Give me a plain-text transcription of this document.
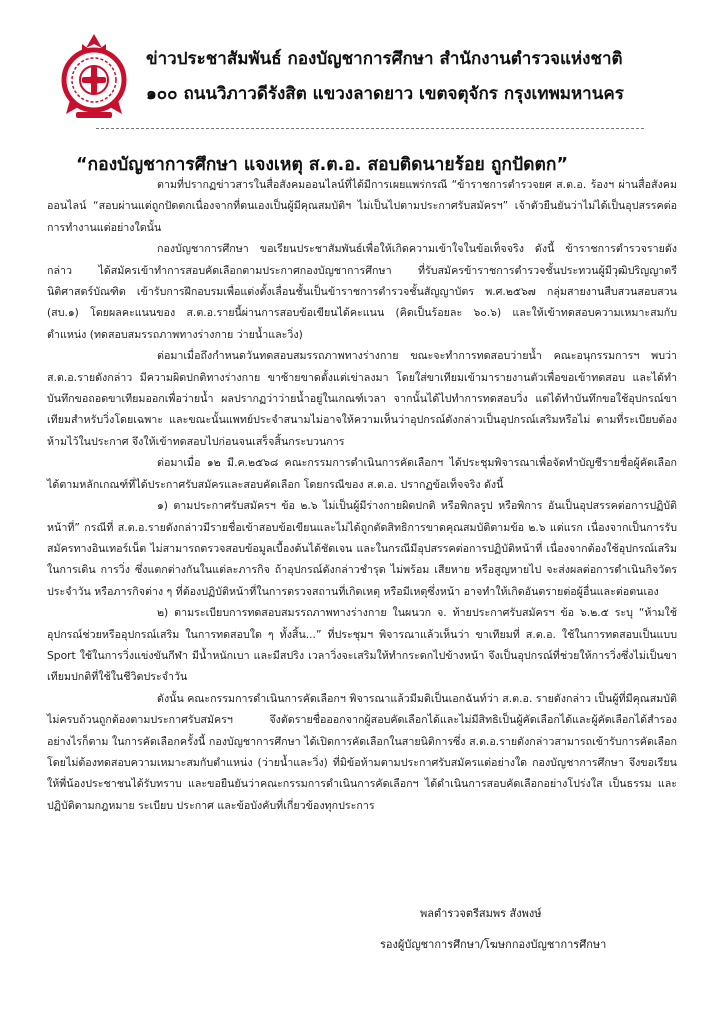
ข่าวประชาสัมพันธ์ กองบัญชาการศึกษา สำนักงานตำรวจแห่งชาติ
๑๐๐ ถนนวิภาวดีรังสิต แขวงลาดยาว เขตจตุจักร กรุงเทพมหานคร
“กองบัญชาการศึกษา แจงเหตุ ส.ต.อ. สอบติดนายร้อย ถูกปัดตก”

ตามที่ปรากฏข่าวสารในสื่อสังคมออนไลน์ที่ได้มีการเผยแพร่กรณี “ข้าราชการตำรวจยศ ส.ต.อ. ร้องฯ ผ่านสื่อสังคมออนไลน์ “สอบผ่านแต่ถูกปัดตกเนื่องจากที่ตนเองเป็นผู้มีคุณสมบัติฯ ไม่เป็นไปตามประกาศรับสมัครฯ” เจ้าตัวยืนยันว่าไม่ได้เป็นอุปสรรคต่อการทำงานแต่อย่างใดนั้น

กองบัญชาการศึกษา ขอเรียนประชาสัมพันธ์เพื่อให้เกิดความเข้าใจในข้อเท็จจริง ดังนี้ ข้าราชการตำรวจรายดังกล่าว ได้สมัครเข้าทำการสอบคัดเลือกตามประกาศกองบัญชาการศึกษา ที่รับสมัครข้าราชการตำรวจชั้นประทวนผู้มีวุฒิปริญญาตรีนิติศาสตร์บัณฑิต เข้ารับการฝึกอบรมเพื่อแต่งตั้งเลื่อนชั้นเป็นข้าราชการตำรวจชั้นสัญญาบัตร พ.ศ.๒๕๖๗ กลุ่มสายงานสืบสวนสอบสวน (สบ.๑) โดยผลคะแนนของ ส.ต.อ.รายนี้ผ่านการสอบข้อเขียนได้คะแนน (คิดเป็นร้อยละ ๖๐.๖) และให้เข้าทดสอบความเหมาะสมกับตำแหน่ง (ทดสอบสมรรถภาพทางร่างกาย ว่ายน้ำและวิ่ง)

ต่อมาเมื่อถึงกำหนดวันทดสอบสมรรถภาพทางร่างกาย ขณะจะทำการทดสอบว่ายน้ำ คณะอนุกรรมการฯ พบว่า ส.ต.อ.รายดังกล่าว มีความผิดปกติทางร่างกาย ขาซ้ายขาดตั้งแต่เข่าลงมา โดยใส่ขาเทียมเข้ามารายงานตัวเพื่อขอเข้าทดสอบ และได้ทำบันทึกขอถอดขาเทียมออกเพื่อว่ายน้ำ ผลปรากฏว่าว่ายน้ำอยู่ในเกณฑ์เวลา จากนั้นได้ไปทำการทดสอบวิ่ง แต่ได้ทำบันทึกขอใช้อุปกรณ์ขาเทียมสำหรับวิ่งโดยเฉพาะ และขณะนั้นแพทย์ประจำสนามไม่อาจให้ความเห็นว่าอุปกรณ์ดังกล่าวเป็นอุปกรณ์เสริมหรือไม่ ตามที่ระเบียบต้องห้ามไว้ในประกาศ จึงให้เข้าทดสอบไปก่อนจนเสร็จสิ้นกระบวนการ

ต่อมาเมื่อ ๑๒ มี.ค.๒๕๖๘ คณะกรรมการดำเนินการคัดเลือกฯ ได้ประชุมพิจารณาเพื่อจัดทำบัญชีรายชื่อผู้คัดเลือกได้ตามหลักเกณฑ์ที่ได้ประกาศรับสมัครและสอบคัดเลือก โดยกรณีของ ส.ต.อ. ปรากฏข้อเท็จจริง ดังนี้

๑) ตามประกาศรับสมัครฯ ข้อ ๒.๖ ไม่เป็นผู้มีร่างกายผิดปกติ หรือพิกลรูป หรือพิการ อันเป็นอุปสรรคต่อการปฏิบัติหน้าที่” กรณีที่ ส.ต.อ.รายดังกล่าวมีรายชื่อเข้าสอบข้อเขียนและไม่ได้ถูกตัดสิทธิการขาดคุณสมบัติตามข้อ ๒.๖ แต่แรก เนื่องจากเป็นการรับสมัครทางอินเทอร์เน็ต ไม่สามารถตรวจสอบข้อมูลเบื้องต้นได้ชัดเจน และในกรณีมีอุปสรรคต่อการปฏิบัติหน้าที่ เนื่องจากต้องใช้อุปกรณ์เสริมในการเดิน การวิ่ง ซึ่งแตกต่างกันในแต่ละภารกิจ ถ้าอุปกรณ์ดังกล่าวชำรุด ไม่พร้อม เสียหาย หรือสูญหายไป จะส่งผลต่อการดำเนินกิจวัตรประจำวัน หรือภารกิจต่าง ๆ ที่ต้องปฏิบัติหน้าที่ในการตรวจสถานที่เกิดเหตุ หรือมีเหตุซึ่งหน้า อาจทำให้เกิดอันตรายต่อผู้อื่นและต่อตนเอง

๒) ตามระเบียบการทดสอบสมรรถภาพทางร่างกาย ในผนวก จ. ท้ายประกาศรับสมัครฯ ข้อ ๖.๒.๕ ระบุ “ห้ามใช้อุปกรณ์ช่วยหรืออุปกรณ์เสริม ในการทดสอบใด ๆ ทั้งสิ้น...” ที่ประชุมฯ พิจารณาแล้วเห็นว่า ขาเทียมที่ ส.ต.อ. ใช้ในการทดสอบเป็นแบบ Sport ใช้ในการวิ่งแข่งขันกีฬา มีน้ำหนักเบา และมีสปริง เวลาวิ่งจะเสริมให้ทำกระดกไปข้างหน้า จึงเป็นอุปกรณ์ที่ช่วยให้การวิ่งซึ่งไม่เป็นขาเทียมปกติที่ใช้ในชีวิตประจำวัน

ดังนั้น คณะกรรมการดำเนินการคัดเลือกฯ พิจารณาแล้วมีมติเป็นเอกฉันท์ว่า ส.ต.อ. รายดังกล่าว เป็นผู้ที่มีคุณสมบัติไม่ครบถ้วนถูกต้องตามประกาศรับสมัครฯ จึงตัดรายชื่อออกจากผู้สอบคัดเลือกได้และไม่มีสิทธิเป็นผู้คัดเลือกได้และผู้คัดเลือกได้สำรอง อย่างไรก็ตาม ในการคัดเลือกครั้งนี้ กองบัญชาการศึกษา ได้เปิดการคัดเลือกในสายนิติการซึ่ง ส.ต.อ.รายดังกล่าวสามารถเข้ารับการคัดเลือกโดยไม่ต้องทดสอบความเหมาะสมกับตำแหน่ง (ว่ายน้ำและวิ่ง) ที่มิข้อห้ามตามประกาศรับสมัครแต่อย่างใด กองบัญชาการศึกษา จึงขอเรียนให้พี่น้องประชาชนได้รับทราบ และขอยืนยันว่าคณะกรรมการดำเนินการคัดเลือกฯ ได้ดำเนินการสอบคัดเลือกอย่างโปร่งใส เป็นธรรม และปฏิบัติตามกฎหมาย ระเบียบ ประกาศ และข้อบังคับที่เกี่ยวข้องทุกประการ

พลตำรวจตรีสมพร สังพงษ์
รองผู้บัญชาการศึกษา/โฆษกกองบัญชาการศึกษา
